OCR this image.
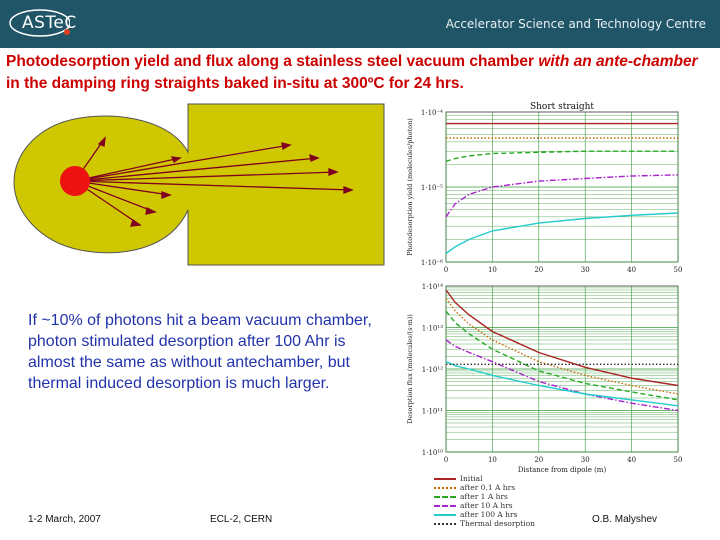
ASTeC	Accelerator Science and Technology Centre
Photodesorption yield and flux along a stainless steel vacuum chamber with an ante-chamber in the damping ring straights baked in-situ at 300ºC for 24 hrs.
If ~10% of photons hit a beam vacuum chamber, photon stimulated desorption after 100 Ahr is almost the same as without antechamber, but thermal induced desorption is much larger.
0	10	20	30	40	50
1·10⁻⁶
1·10⁻⁵
1·10⁻⁴
Short straight
Photodesorption yield (molecules/photon)
0	10	20	30	40	50
1·10¹⁰
1·10¹¹
1·10¹²
1·10¹³
1·10¹⁴
Desorption flux (molecules/(s·m))
Distance from dipole (m)
Initial
after 0.1 A hrs
after 1 A hrs
after 10 A hrs
after 100 A hrs
Thermal desorption
1-2 March, 2007	ECL-2, CERN	O.B. Malyshev
